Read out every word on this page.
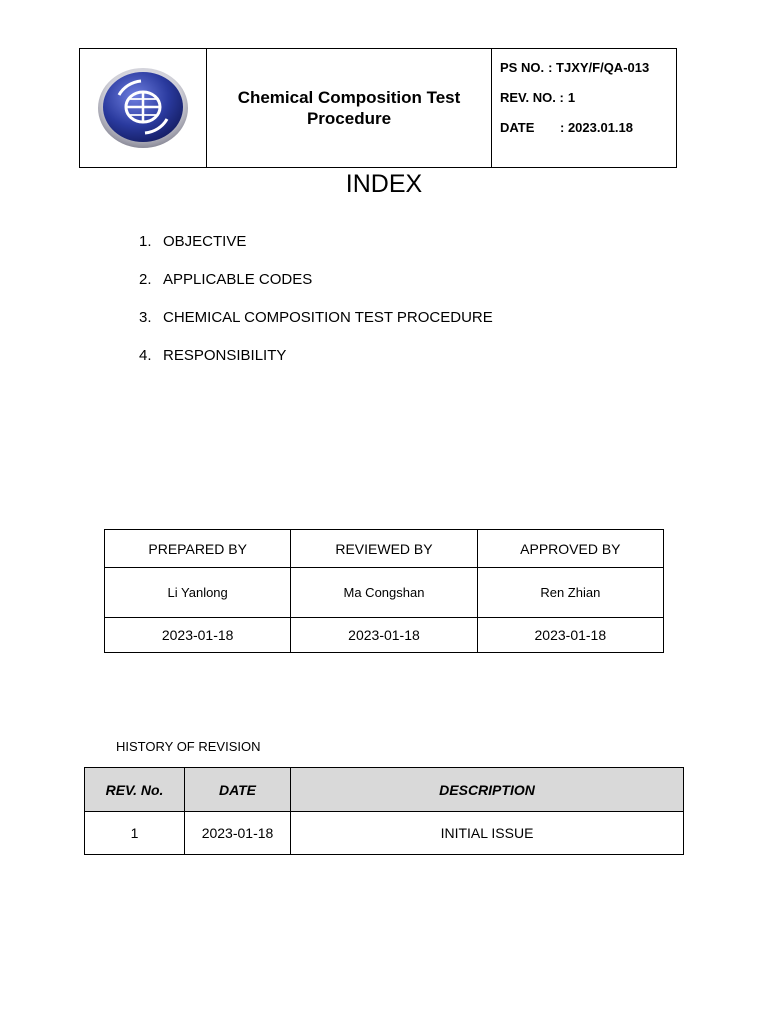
Chemical Composition Test Procedure
PS NO. : TJXY/F/QA-013
REV. NO. : 1
DATE	: 2023.01.18
INDEX
1. OBJECTIVE
2. APPLICABLE CODES
3. CHEMICAL COMPOSITION TEST PROCEDURE
4. RESPONSIBILITY
PREPARED BY	REVIEWED BY	APPROVED BY
Li Yanlong	Ma Congshan	Ren Zhian
2023-01-18	2023-01-18	2023-01-18
HISTORY OF REVISION
REV. No.	DATE	DESCRIPTION
1	2023-01-18	INITIAL ISSUE
